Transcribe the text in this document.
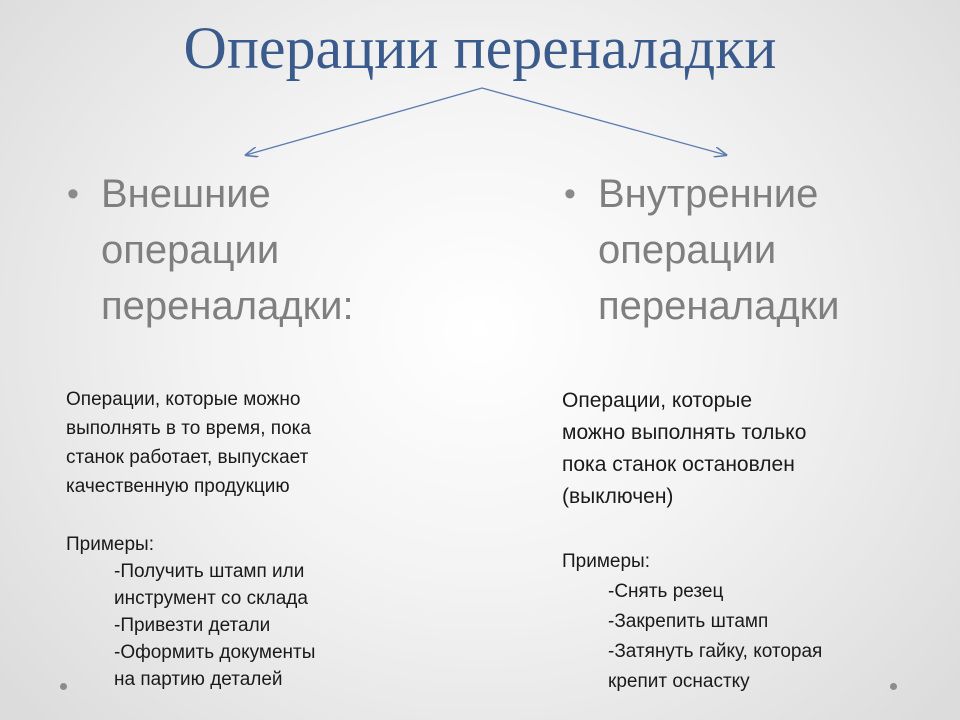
Операции переналадки
• Внешние
операции
переналадки:
• Внутренние
операции
переналадки
Операции, которые можно
выполнять в то время, пока
станок работает, выпускает
качественную продукцию
Примеры:
-Получить штамп или
инструмент со склада
-Привезти детали
-Оформить документы
на партию деталей
Операции, которые
можно выполнять только
пока станок остановлен
(выключен)
Примеры:
-Снять резец
-Закрепить штамп
-Затянуть гайку, которая
крепит оснастку
